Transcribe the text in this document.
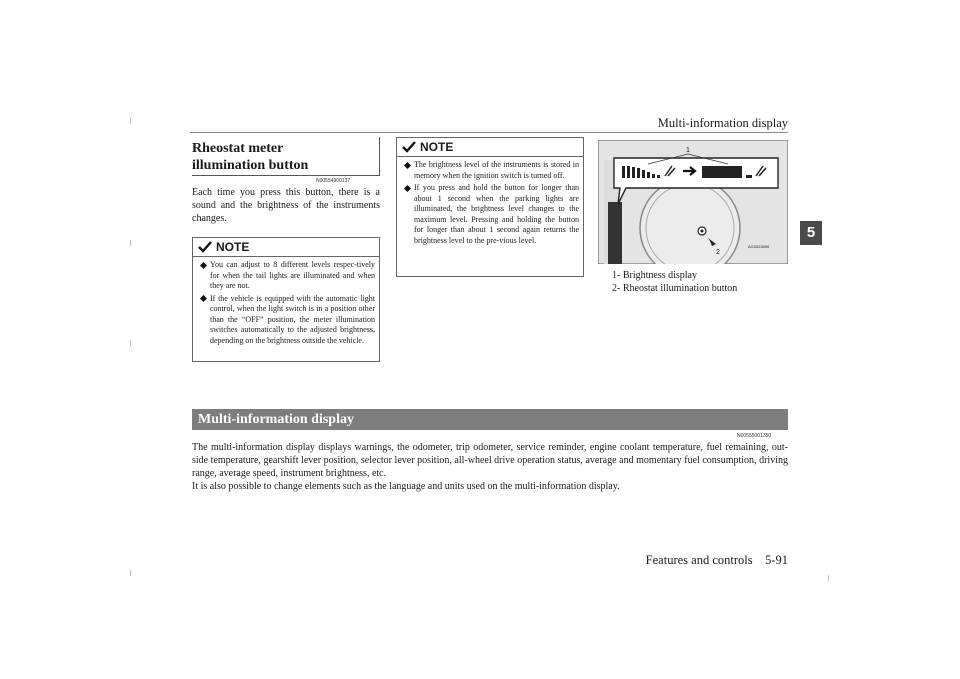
Multi-information display
5
Rheostat meter illumination button
N00554900137
Each time you press this button, there is a sound and the brightness of the instruments changes.
NOTE
You can adjust to 8 different levels respec-tively for when the tail lights are illuminated and when they are not.
If the vehicle is equipped with the automatic light control, when the light switch is in a position other than the “OFF” position, the meter illumination switches automatically to the adjusted brightness, depending on the brightness outside the vehicle.
NOTE
The brightness level of the instruments is stored in memory when the ignition switch is turned off.
If you press and hold the button for longer than about 1 second when the parking lights are illuminated, the brightness level changes to the maximum level. Pressing and holding the button for longer than about 1 second again returns the brightness level to the pre-vious level.
1
2
AG0023696
1- Brightness display
2- Rheostat illumination button
Multi-information display
N00555001350

The multi-information display displays warnings, the odometer, trip odometer, service reminder, engine coolant temperature, fuel remaining, out-side temperature, gearshift lever position, selector lever position, all-wheel drive operation status, average and momentary fuel consumption, driving range, average speed, instrument brightness, etc.

It is also possible to change elements such as the language and units used on the multi-information display.

Features and controls    5-91
